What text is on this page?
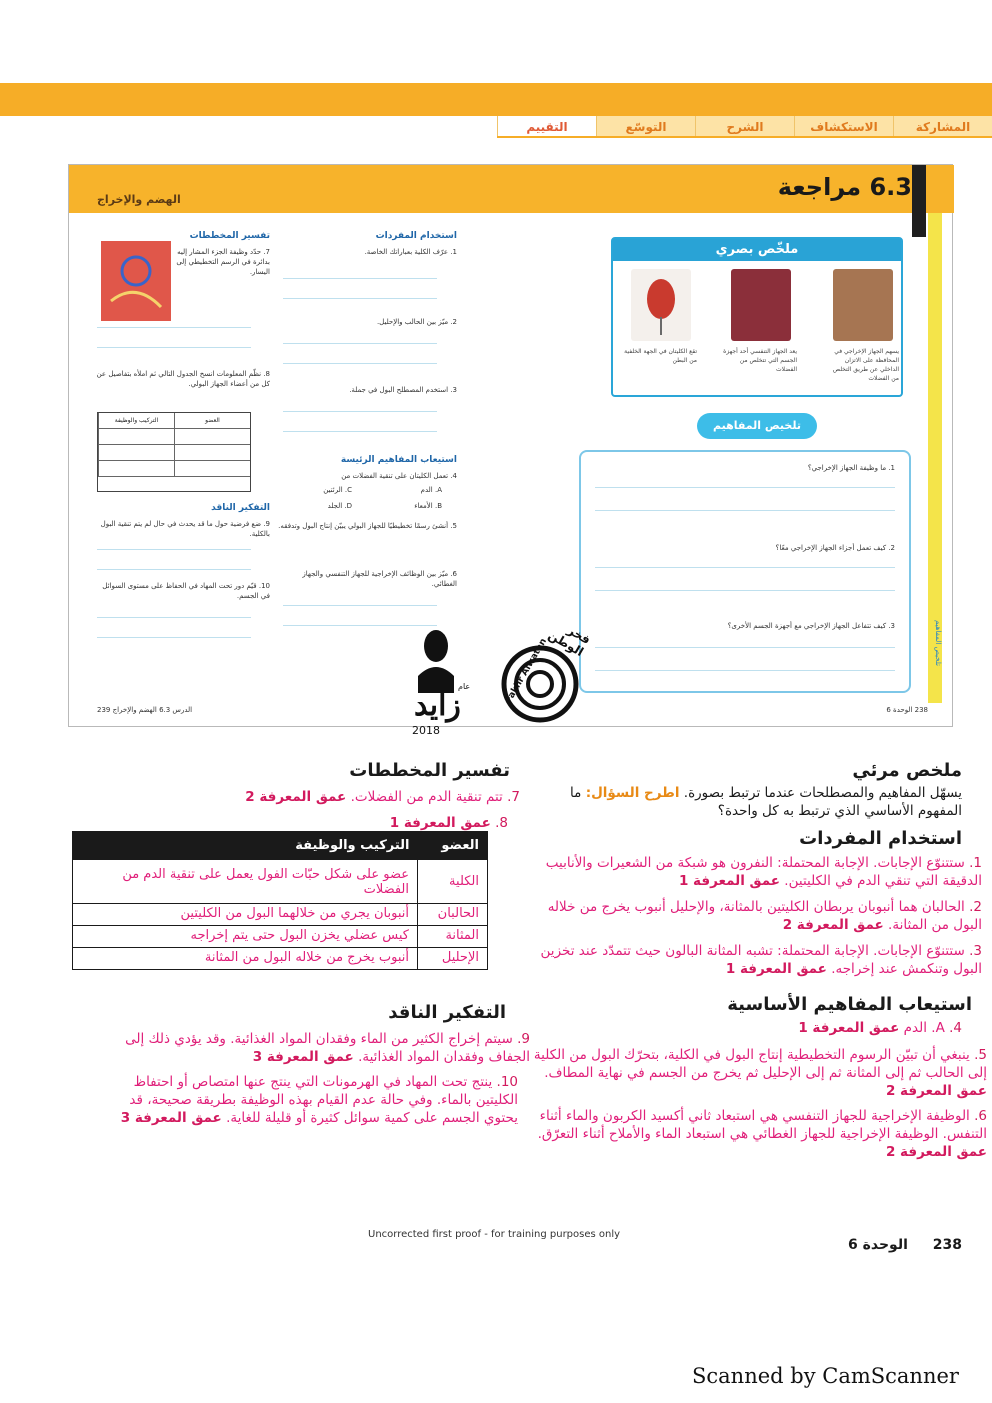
المشاركة
الاستكشاف
الشرح
التوسّع
التقييم
تلخيص المفاهيم
6.3 مراجعة
الهضم والإخراج
ملخّص بصري
يسهم الجهاز الإخراجي في المحافظة على الاتزان الداخلي عن طريق التخلص من الفضلات
يعد الجهاز التنفسي أحد أجهزة الجسم التي تتخلص من الفضلات
تقع الكليتان في الجهة الخلفية من البطن
تلخيص المفاهيم
1. ما وظيفة الجهاز الإخراجي؟
2. كيف تعمل أجزاء الجهاز الإخراجي معًا؟
3. كيف تتفاعل الجهاز الإخراجي مع أجهزة الجسم الأخرى؟
استخدام المفردات
1. عرّف الكلية بعباراتك الخاصة.
2. ميّز بين الحالب والإحليل.
3. استخدم المصطلح البول في جملة.
استيعاب المفاهيم الرئيسة
4. تعمل الكليتان على تنقية الفضلات من
A. الدم
B. الأمعاء
C. الرئتين
D. الجلد
5. أنشئ رسمًا تخطيطيًا للجهاز البولي يبيّن إنتاج البول وتدفقه.
6. ميّز بين الوظائف الإخراجية للجهاز التنفسي والجهاز الغطائي.
تفسير المخططات
7. حدّد وظيفة الجزء المشار إليه بدائرة في الرسم التخطيطي إلى اليسار.
8. نظّم المعلومات انسخ الجدول التالي ثم املأه بتفاصيل عن كل من أعضاء الجهاز البولي.
التركيب والوظيفة	العضو
التفكير الناقد
9. ضع فرضية حول ما قد يحدث في حال لم يتم تنقية البول بالكلية.
10. قيّم دور تحت المهاد في الحفاظ على مستوى السوائل في الجسم.
238 الوحدة 6
الدرس 6.3 الهضم والإخراج 239	زايد
عام
2018
فخر الوطن
Fakhr Alwatan
ملخص مرئي
يسهّل المفاهيم والمصطلحات عندما ترتبط بصورة. اطرح السؤال: ما المفهوم الأساسي الذي ترتبط به كل واحدة؟
استخدام المفردات
1. ستتنوّع الإجابات. الإجابة المحتملة: النفرون هو شبكة من الشعيرات والأنابيب الدقيقة التي تنقي الدم في الكليتين. عمق المعرفة 1
2. الحالبان هما أنبوبان يربطان الكليتين بالمثانة، والإحليل أنبوب يخرج من خلاله البول من المثانة. عمق المعرفة 2
3. ستتنوّع الإجابات. الإجابة المحتملة: تشبه المثانة البالون حيث تتمدّد عند تخزين البول وتنكمش عند إخراجه. عمق المعرفة 1
استيعاب المفاهيم الأساسية
4. A. الدم عمق المعرفة 1
5. ينبغي أن تبيّن الرسوم التخطيطية إنتاج البول في الكلية، بتحرّك البول من الكلية إلى الحالب ثم إلى المثانة ثم إلى الإحليل ثم يخرج من الجسم في نهاية المطاف. عمق المعرفة 2
6. الوظيفة الإخراجية للجهاز التنفسي هي استبعاد ثاني أكسيد الكربون والماء أثناء التنفس. الوظيفة الإخراجية للجهاز الغطائي هي استبعاد الماء والأملاح أثناء التعرّق. عمق المعرفة 2
تفسير المخططات
7. تتم تنقية الدم من الفضلات. عمق المعرفة 2
8. عمق المعرفة 1
العضو	التركيب والوظيفة
الكلية	عضو على شكل حبّات الفول يعمل على تنقية الدم من الفضلات
الحالبان	أنبوبان يجري من خلالهما البول من الكليتين
المثانة	كيس عضلي يخزن البول حتى يتم إخراجه
الإحليل	أنبوب يخرج من خلاله البول من المثانة
التفكير الناقد
9. سيتم إخراج الكثير من الماء وفقدان المواد الغذائية. وقد يؤدي ذلك إلى الجفاف وفقدان المواد الغذائية. عمق المعرفة 3
10. ينتج تحت المهاد في الهرمونات التي ينتج عنها امتصاص أو احتفاظ الكليتين بالماء. وفي حالة عدم القيام بهذه الوظيفة بطريقة صحيحة، قد يحتوي الجسم على كمية سوائل كثيرة أو قليلة للغاية. عمق المعرفة 3
Uncorrected first proof - for training purposes only
الوحدة 6 238
Scanned by CamScanner
